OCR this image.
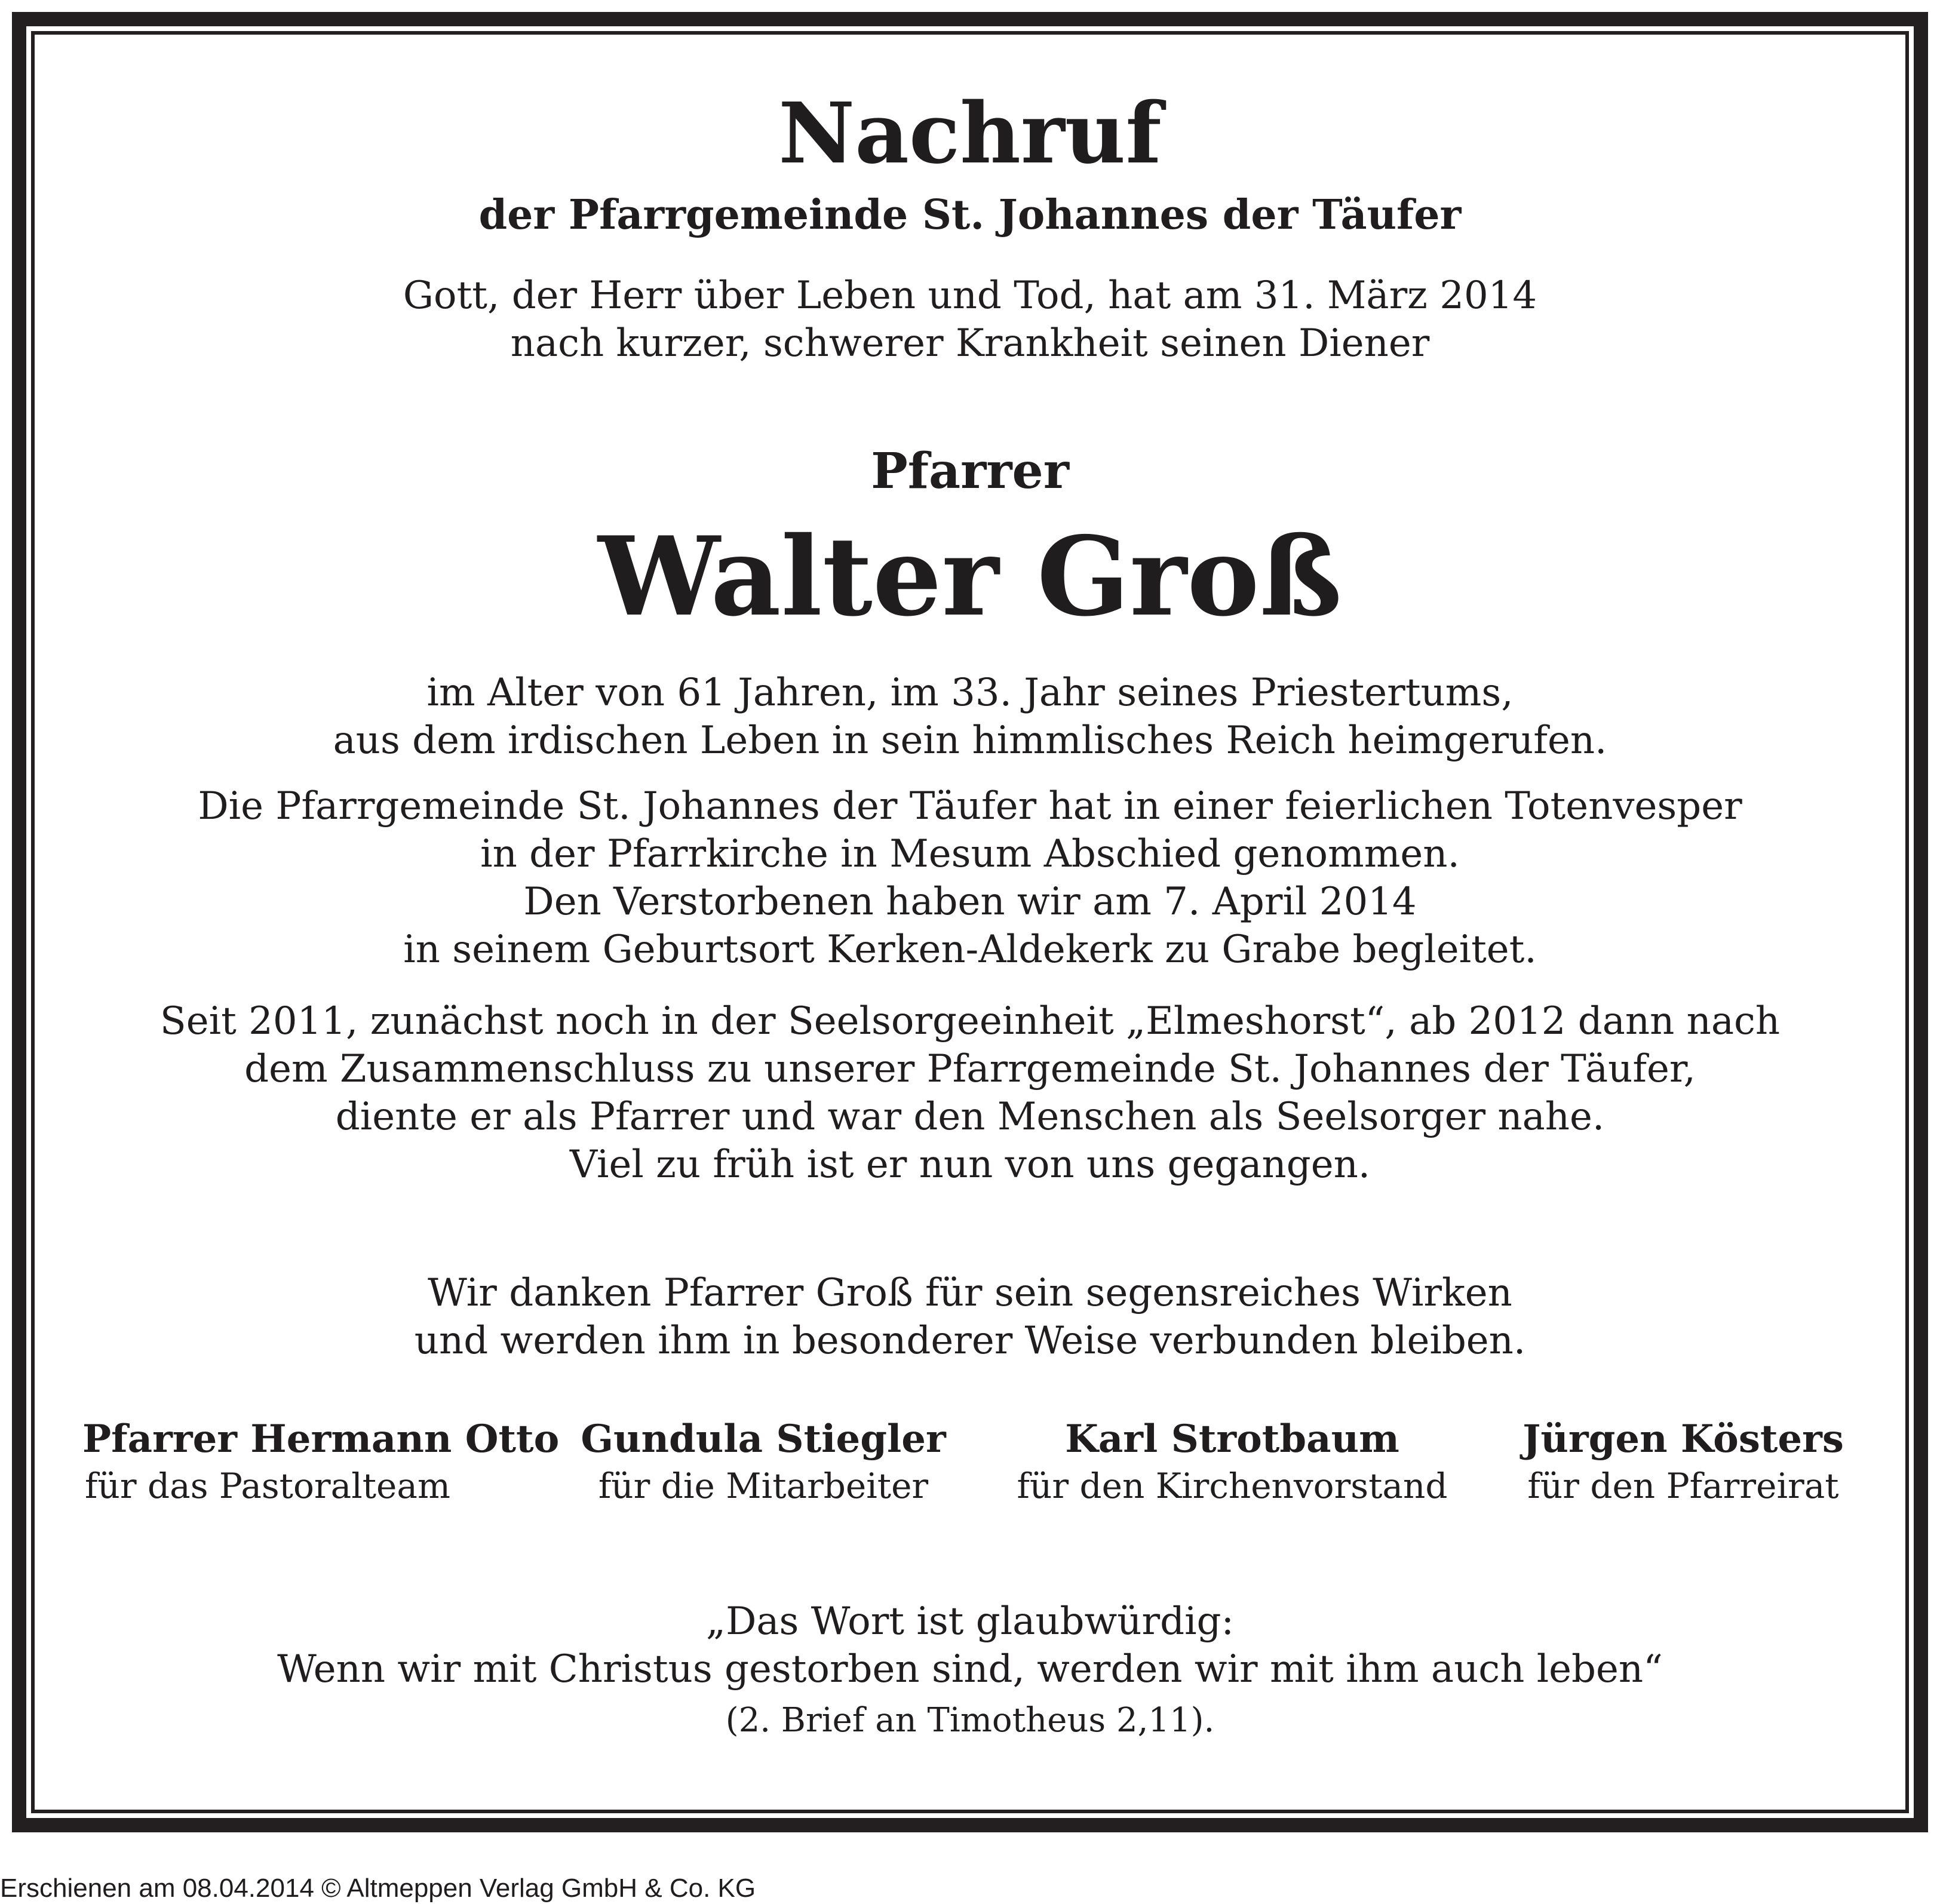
Nachruf
der Pfarrgemeinde St. Johannes der Täufer
Gott, der Herr über Leben und Tod, hat am 31. März 2014
nach kurzer, schwerer Krankheit seinen Diener
Pfarrer
Walter Groß
im Alter von 61 Jahren, im 33. Jahr seines Priestertums,
aus dem irdischen Leben in sein himmlisches Reich heimgerufen.
Die Pfarrgemeinde St. Johannes der Täufer hat in einer feierlichen Totenvesper
in der Pfarrkirche in Mesum Abschied genommen.
Den Verstorbenen haben wir am 7. April 2014
in seinem Geburtsort Kerken-Aldekerk zu Grabe begleitet.
Seit 2011, zunächst noch in der Seelsorgeeinheit „Elmeshorst“, ab 2012 dann nach
dem Zusammenschluss zu unserer Pfarrgemeinde St. Johannes der Täufer,
diente er als Pfarrer und war den Menschen als Seelsorger nahe.
Viel zu früh ist er nun von uns gegangen.
Wir danken Pfarrer Groß für sein segensreiches Wirken
und werden ihm in besonderer Weise verbunden bleiben.
Pfarrer Hermann Otto
für das Pastoralteam
Gundula Stiegler
für die Mitarbeiter
Karl Strotbaum
für den Kirchenvorstand
Jürgen Kösters
für den Pfarreirat
„Das Wort ist glaubwürdig:
Wenn wir mit Christus gestorben sind, werden wir mit ihm auch leben“
(2. Brief an Timotheus 2,11).
Erschienen am 08.04.2014 © Altmeppen Verlag GmbH & Co. KG
